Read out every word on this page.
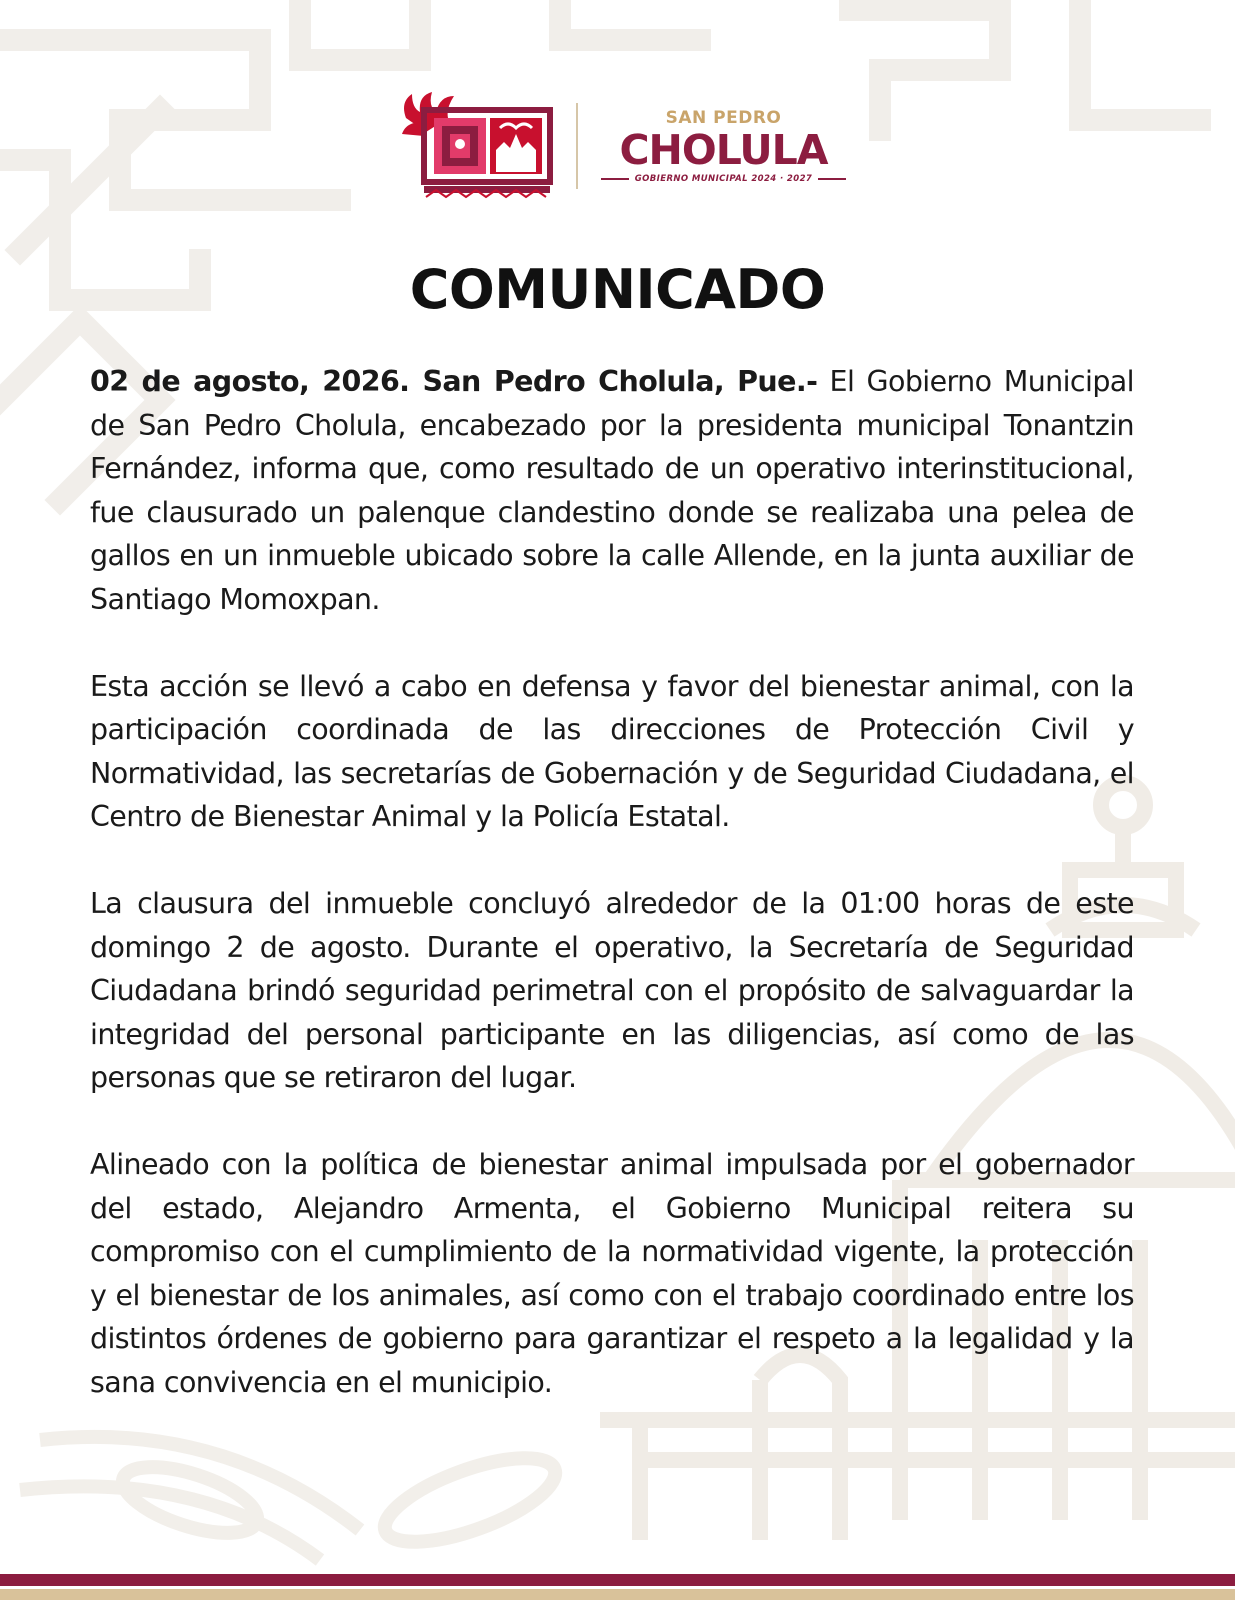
SAN PEDRO
CHOLULA
GOBIERNO MUNICIPAL 2024 · 2027
COMUNICADO

02 de agosto, 2026. San Pedro Cholula, Pue.- El Gobierno Municipal de San Pedro Cholula, encabezado por la presidenta municipal Tonantzin Fernández, informa que, como resultado de un operativo interinstitucional, fue clausurado un palenque clandestino donde se realizaba una pelea de gallos en un inmueble ubicado sobre la calle Allende, en la junta auxiliar de Santiago Momoxpan.

Esta acción se llevó a cabo en defensa y favor del bienestar animal, con la participación coordinada de las direcciones de Protección Civil y Normatividad, las secretarías de Gobernación y de Seguridad Ciudadana, el Centro de Bienestar Animal y la Policía Estatal.

La clausura del inmueble concluyó alrededor de la 01:00 horas de este domingo 2 de agosto. Durante el operativo, la Secretaría de Seguridad Ciudadana brindó seguridad perimetral con el propósito de salvaguardar la integridad del personal participante en las diligencias, así como de las personas que se retiraron del lugar.

Alineado con la política de bienestar animal impulsada por el gobernador del estado, Alejandro Armenta, el Gobierno Municipal reitera su compromiso con el cumplimiento de la normatividad vigente, la protección y el bienestar de los animales, así como con el trabajo coordinado entre los distintos órdenes de gobierno para garantizar el respeto a la legalidad y la sana convivencia en el municipio.
